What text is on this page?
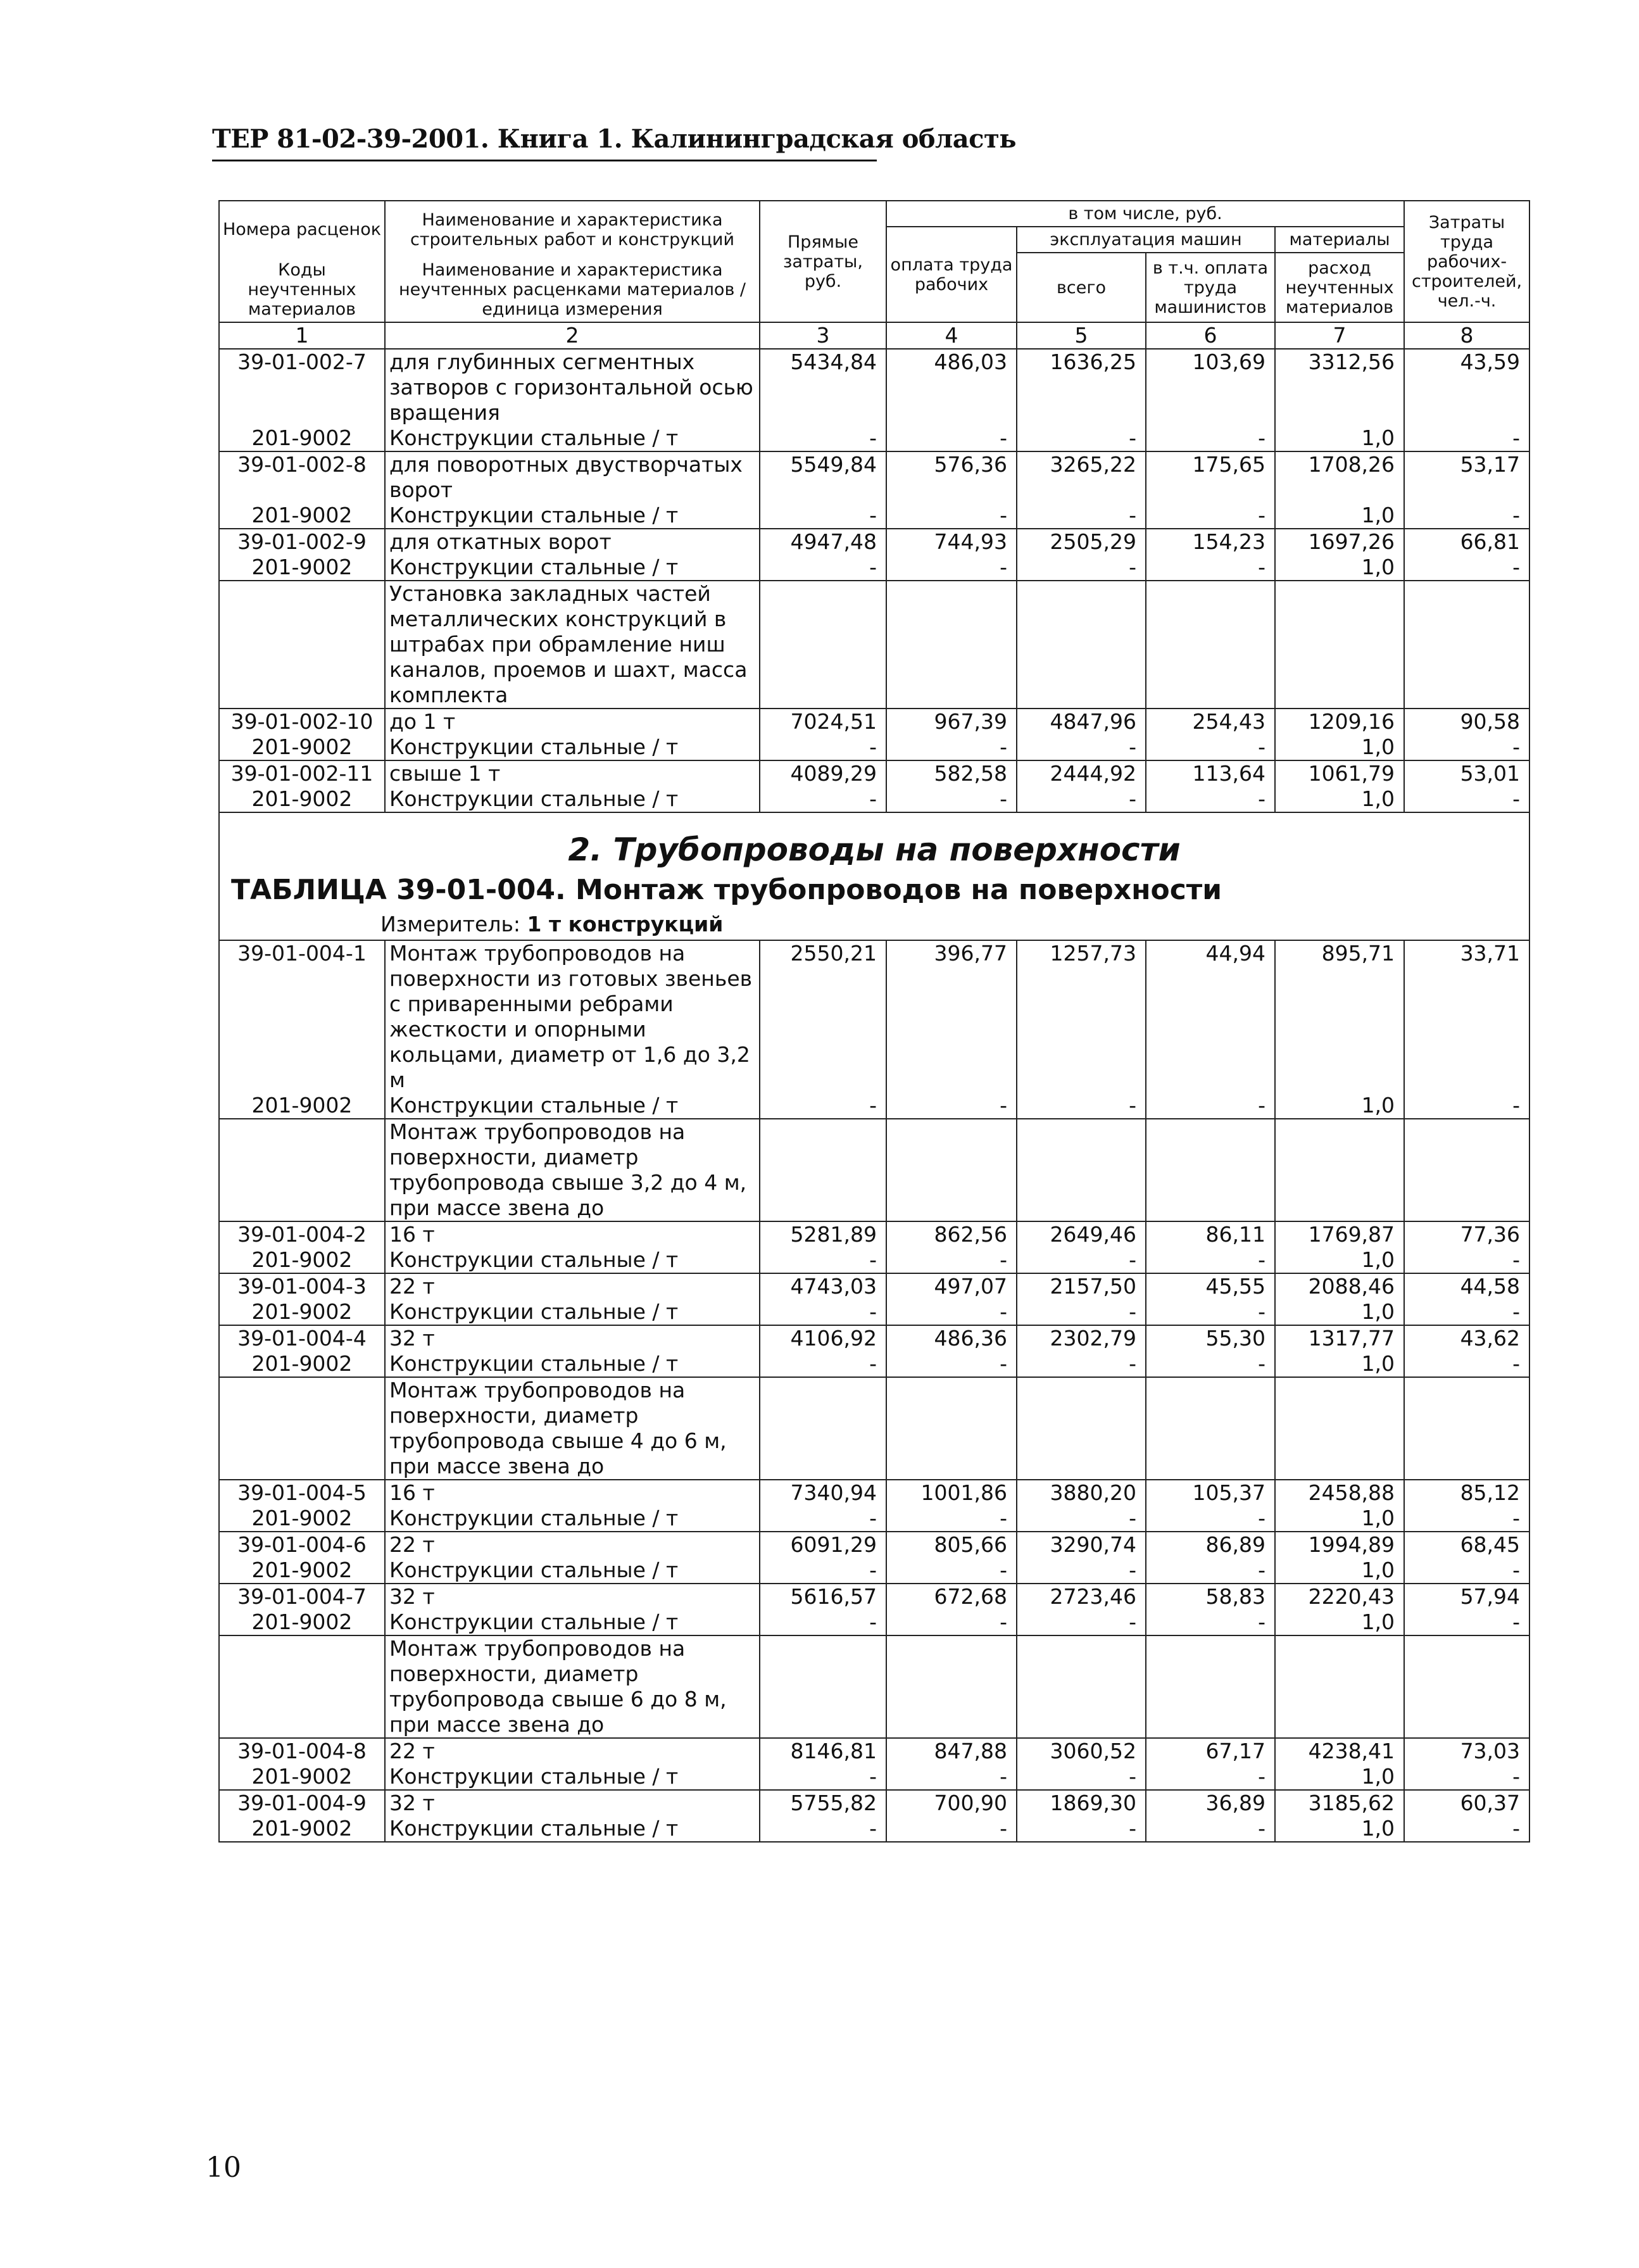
ТЕР 81-02-39-2001. Книга 1. Калининградская область
Номера расценок	Наименование и характеристика строительных работ и конструкций	Прямые затраты, руб.	в том числе, руб.				Затраты труда рабочих-строителей, чел.-ч.
			оплата труда рабочих	эксплуатация машин		материалы	
				всего	в т.ч. оплата труда машинистов	расход неучтенных материалов	

Коды неучтенных материалов	Наименование и характеристика неучтенных расценками материалов / единица измерения						
1	2	3	4	5	6	7	8
39-01-002-7	для глубинных сегментных затворов с горизонтальной осью вращения	5434,84	486,03	1636,25	103,69	3312,56	43,59
201-9002	Конструкции стальные / т	-	-	-	-	1,0	-
39-01-002-8	для поворотных двустворчатых ворот	5549,84	576,36	3265,22	175,65	1708,26	53,17
201-9002	Конструкции стальные / т	-	-	-	-	1,0	-
39-01-002-9	для откатных ворот	4947,48	744,93	2505,29	154,23	1697,26	66,81
201-9002	Конструкции стальные / т	-	-	-	-	1,0	-
	Установка закладных частей металлических конструкций в штрабах при обрамление ниш каналов, проемов и шахт, масса комплекта						
39-01-002-10	до 1 т	7024,51	967,39	4847,96	254,43	1209,16	90,58
201-9002	Конструкции стальные / т	-	-	-	-	1,0	-
39-01-002-11	свыше 1 т	4089,29	582,58	2444,92	113,64	1061,79	53,01
201-9002	Конструкции стальные / т	-	-	-	-	1,0	-

2. Трубопроводы на поверхности
ТАБЛИЦА 39-01-004. Монтаж трубопроводов на поверхности
Измеритель: 1 т конструкций							

39-01-004-1	Монтаж трубопроводов на поверхности из готовых звеньев с приваренными ребрами жесткости и опорными кольцами, диаметр от 1,6 до 3,2 м	2550,21	396,77	1257,73	44,94	895,71	33,71
201-9002	Конструкции стальные / т	-	-	-	-	1,0	-
	Монтаж трубопроводов на поверхности, диаметр трубопровода свыше 3,2 до 4 м, при массе звена до						
39-01-004-2	16 т	5281,89	862,56	2649,46	86,11	1769,87	77,36
201-9002	Конструкции стальные / т	-	-	-	-	1,0	-
39-01-004-3	22 т	4743,03	497,07	2157,50	45,55	2088,46	44,58
201-9002	Конструкции стальные / т	-	-	-	-	1,0	-
39-01-004-4	32 т	4106,92	486,36	2302,79	55,30	1317,77	43,62
201-9002	Конструкции стальные / т	-	-	-	-	1,0	-
	Монтаж трубопроводов на поверхности, диаметр трубопровода свыше 4 до 6 м, при массе звена до						
39-01-004-5	16 т	7340,94	1001,86	3880,20	105,37	2458,88	85,12
201-9002	Конструкции стальные / т	-	-	-	-	1,0	-
39-01-004-6	22 т	6091,29	805,66	3290,74	86,89	1994,89	68,45
201-9002	Конструкции стальные / т	-	-	-	-	1,0	-
39-01-004-7	32 т	5616,57	672,68	2723,46	58,83	2220,43	57,94
201-9002	Конструкции стальные / т	-	-	-	-	1,0	-
	Монтаж трубопроводов на поверхности, диаметр трубопровода свыше 6 до 8 м, при массе звена до						
39-01-004-8	22 т	8146,81	847,88	3060,52	67,17	4238,41	73,03
201-9002	Конструкции стальные / т	-	-	-	-	1,0	-
39-01-004-9	32 т	5755,82	700,90	1869,30	36,89	3185,62	60,37
201-9002	Конструкции стальные / т	-	-	-	-	1,0	-
10
